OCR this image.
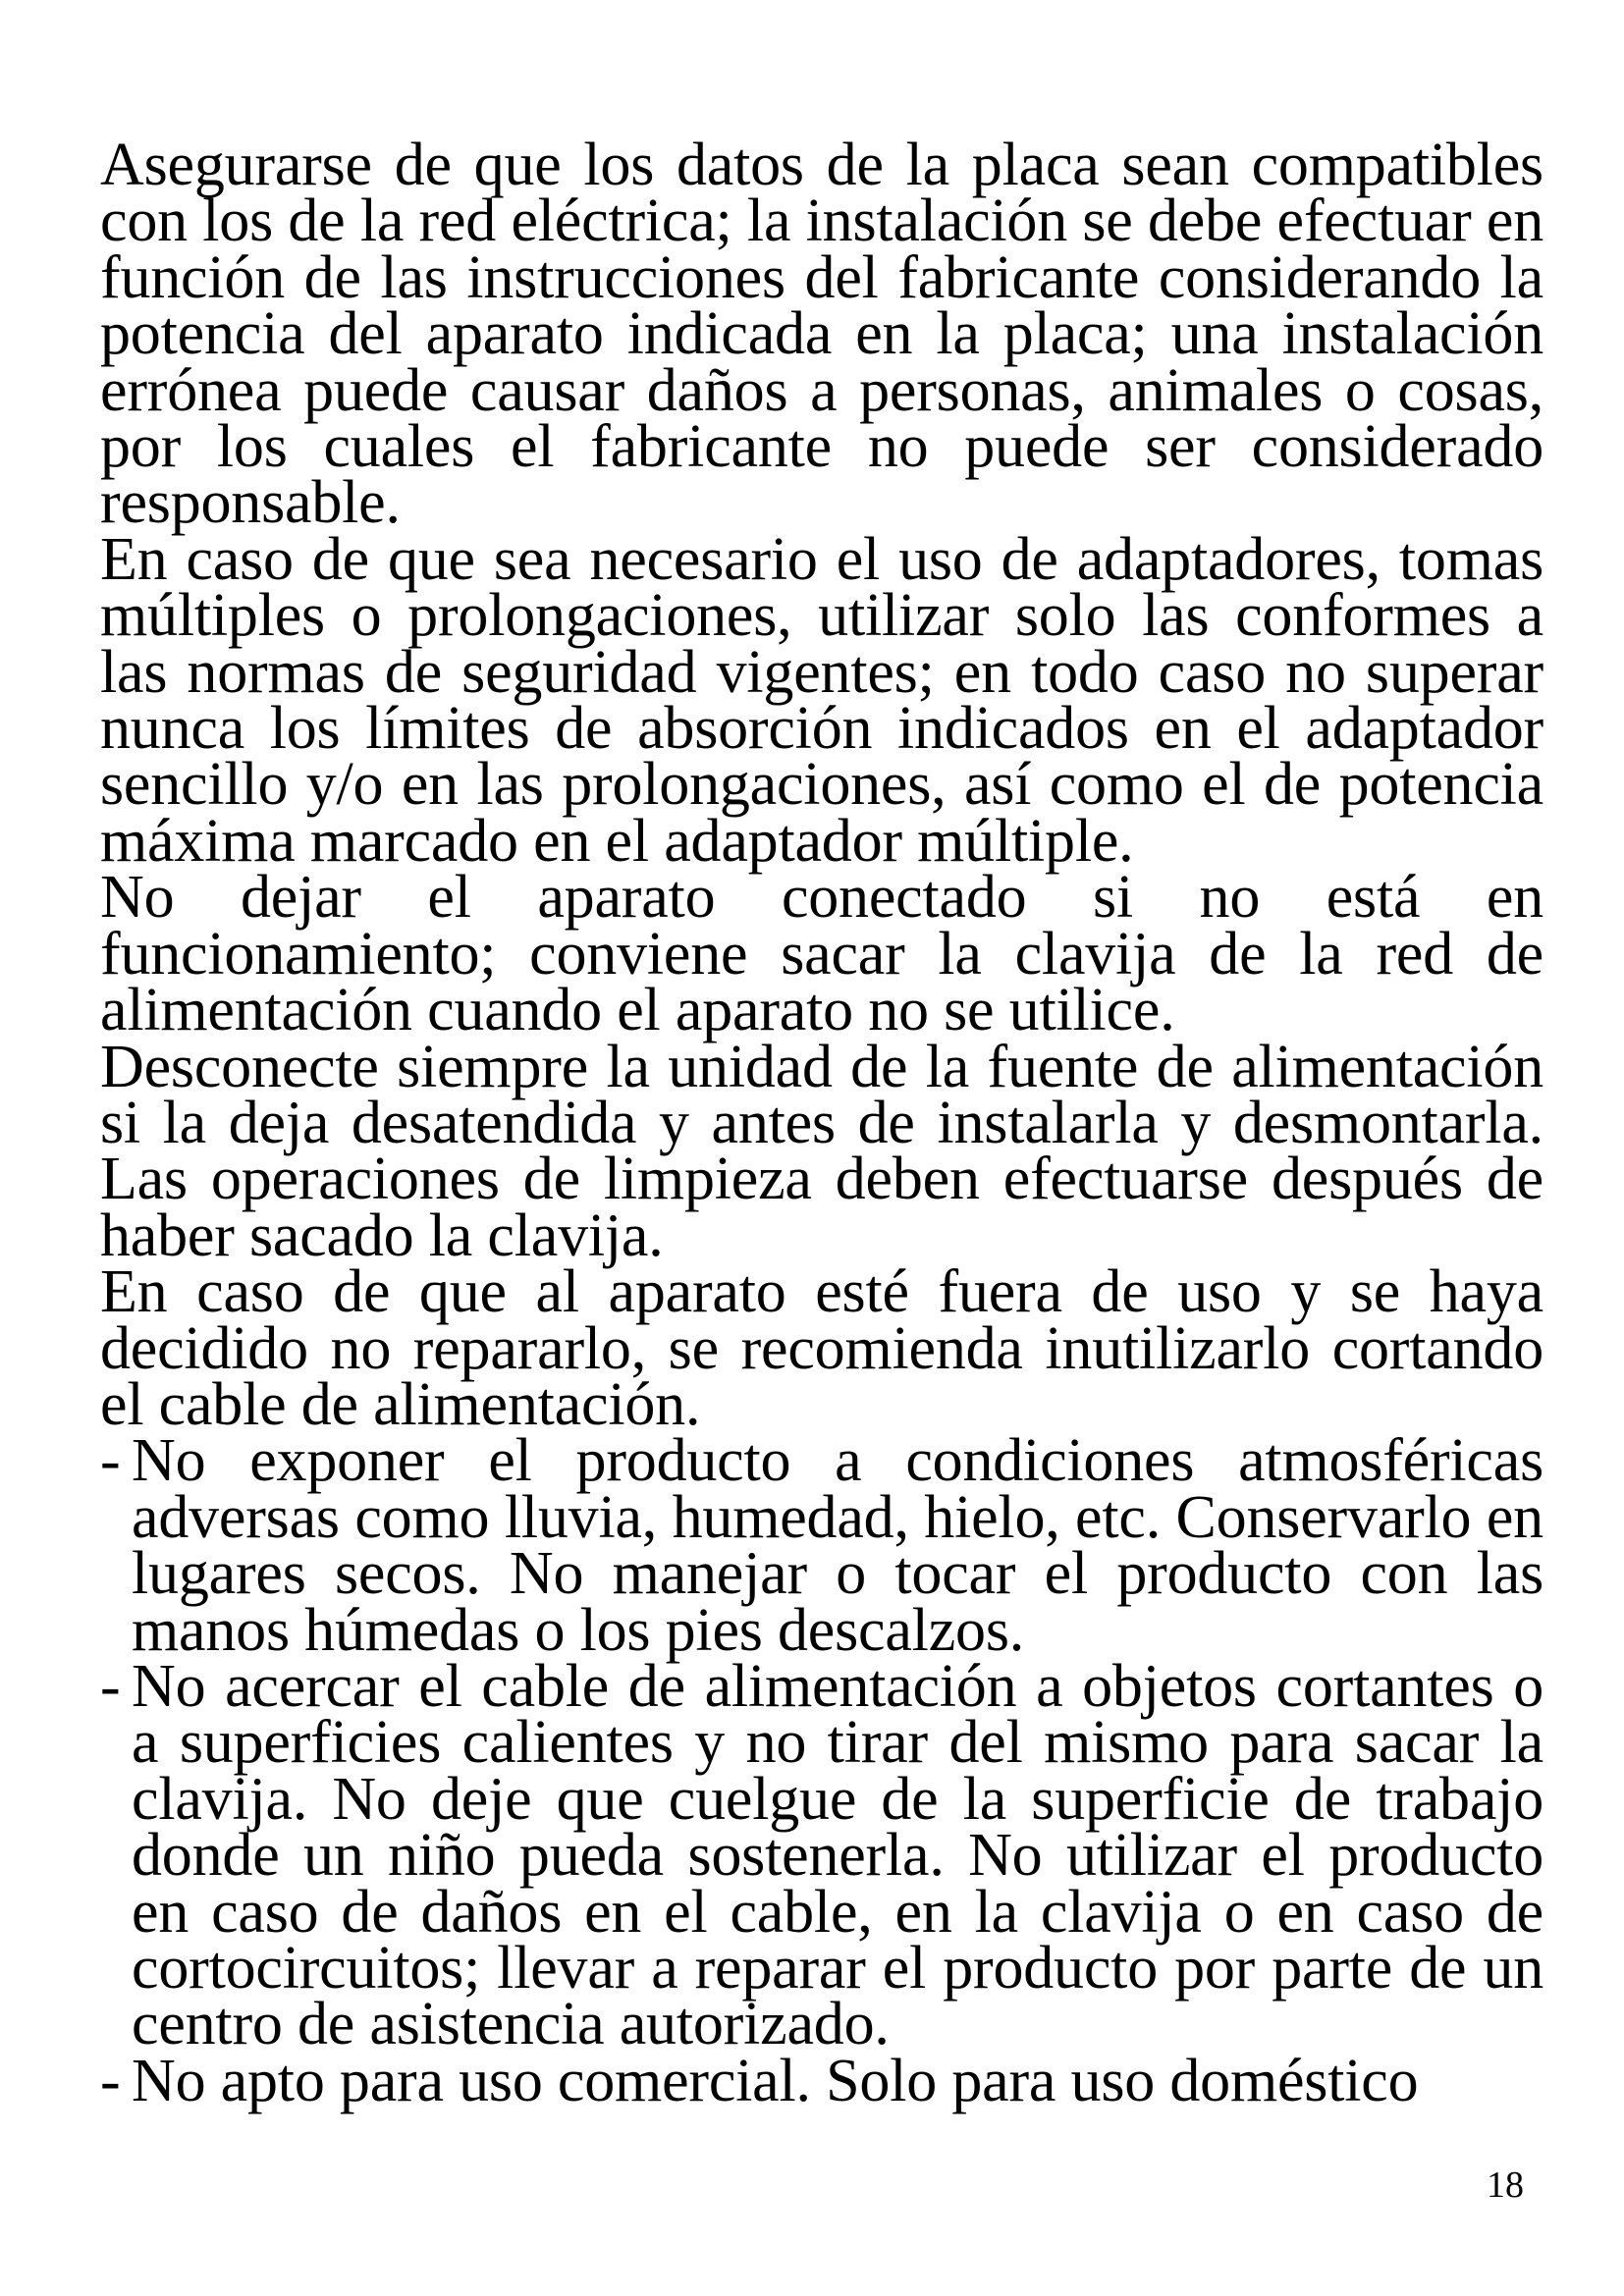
Asegurarse de que los datos de la placa sean compatibles con los de la red eléctrica; la instalación se debe efectuar en función de las instrucciones del fabricante considerando la potencia del aparato indicada en la placa; una instalación errónea puede causar daños a personas, animales o cosas, por los cuales el fabricante no puede ser considerado responsable.

En caso de que sea necesario el uso de adaptadores, tomas múltiples o prolongaciones, utilizar solo las conformes a las normas de seguridad vigentes; en todo caso no superar nunca los límites de absorción indicados en el adaptador sencillo y/o en las prolongaciones, así como el de potencia máxima marcado en el adaptador múltiple.

No dejar el aparato conectado si no está en funcionamiento; conviene sacar la clavija de la red de alimentación cuando el aparato no se utilice.

Desconecte siempre la unidad de la fuente de alimentación si la deja desatendida y antes de instalarla y desmontarla. Las operaciones de limpieza deben efectuarse después de haber sacado la clavija.

En caso de que al aparato esté fuera de uso y se haya decidido no repararlo, se recomienda inutilizarlo cortando el cable de alimentación.

- No exponer el producto a condiciones atmosféricas adversas como lluvia, humedad, hielo, etc. Conservarlo en lugares secos. No manejar o tocar el producto con las manos húmedas o los pies descalzos.
- No acercar el cable de alimentación a objetos cortantes o a superficies calientes y no tirar del mismo para sacar la clavija. No deje que cuelgue de la superficie de trabajo donde un niño pueda sostenerla. No utilizar el producto en caso de daños en el cable, en la clavija o en caso de cortocircuitos; llevar a reparar el producto por parte de un centro de asistencia autorizado.
- No apto para uso comercial. Solo para uso doméstico
18
